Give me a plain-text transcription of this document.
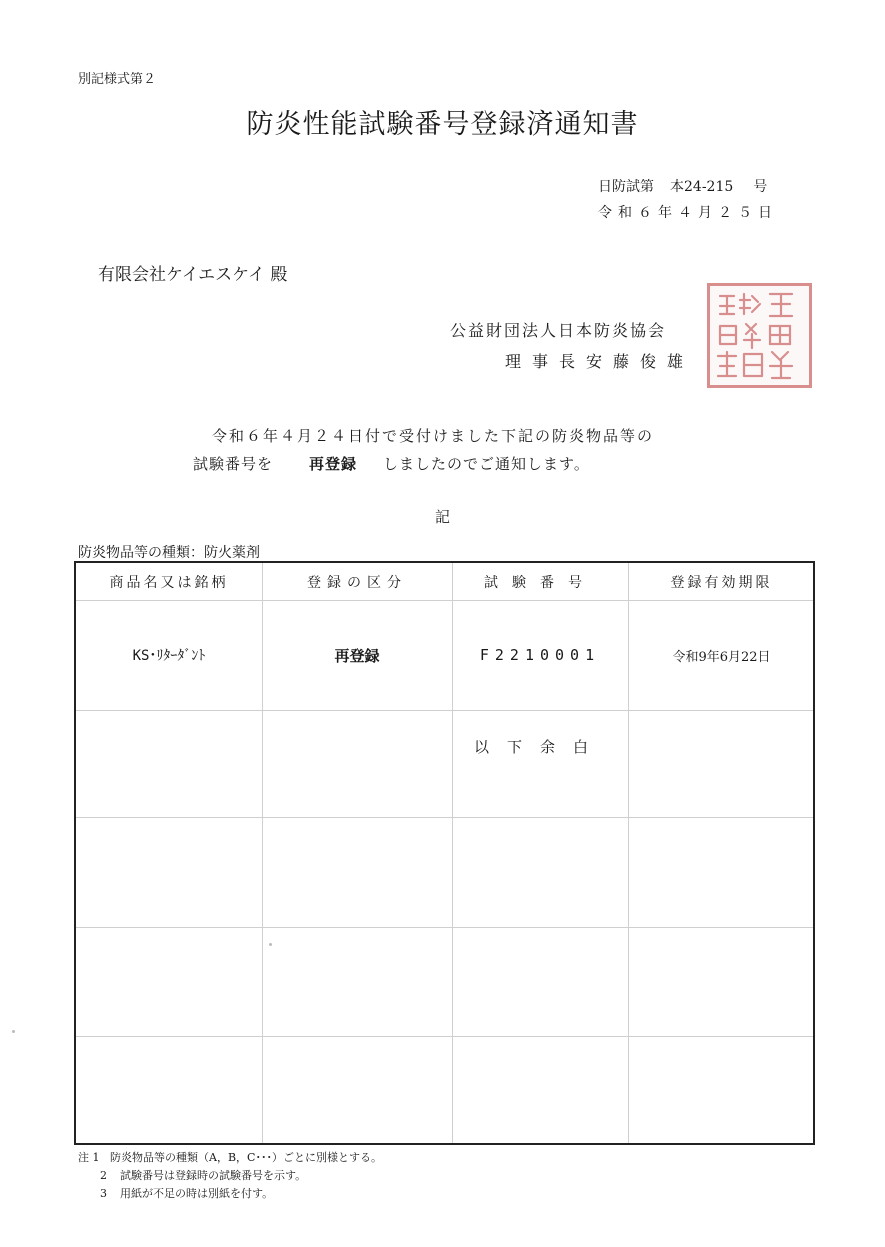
別記様式第２
防炎性能試験番号登録済通知書
日防試第 本24-215 号
令和６年４月２５日
有限会社ケイエスケイ 殿
公益財団法人日本防炎協会
理事長安藤俊雄
令和６年４月２４日付で受付けました下記の防炎物品等の
試験番号を 再登録 しましたのでご通知します。
記
防炎物品等の種類：防火薬剤
商品名又は銘柄	登録の区分	試験番号	登録有効期限
KS･ﾘﾀｰﾀﾞﾝﾄ	再登録	F2210001	令和9年6月22日
以下余白
注 1 防炎物品等の種類（A，B，C･･･）ごとに別様とする。
2 試験番号は登録時の試験番号を示す。
3 用紙が不足の時は別紙を付す。
